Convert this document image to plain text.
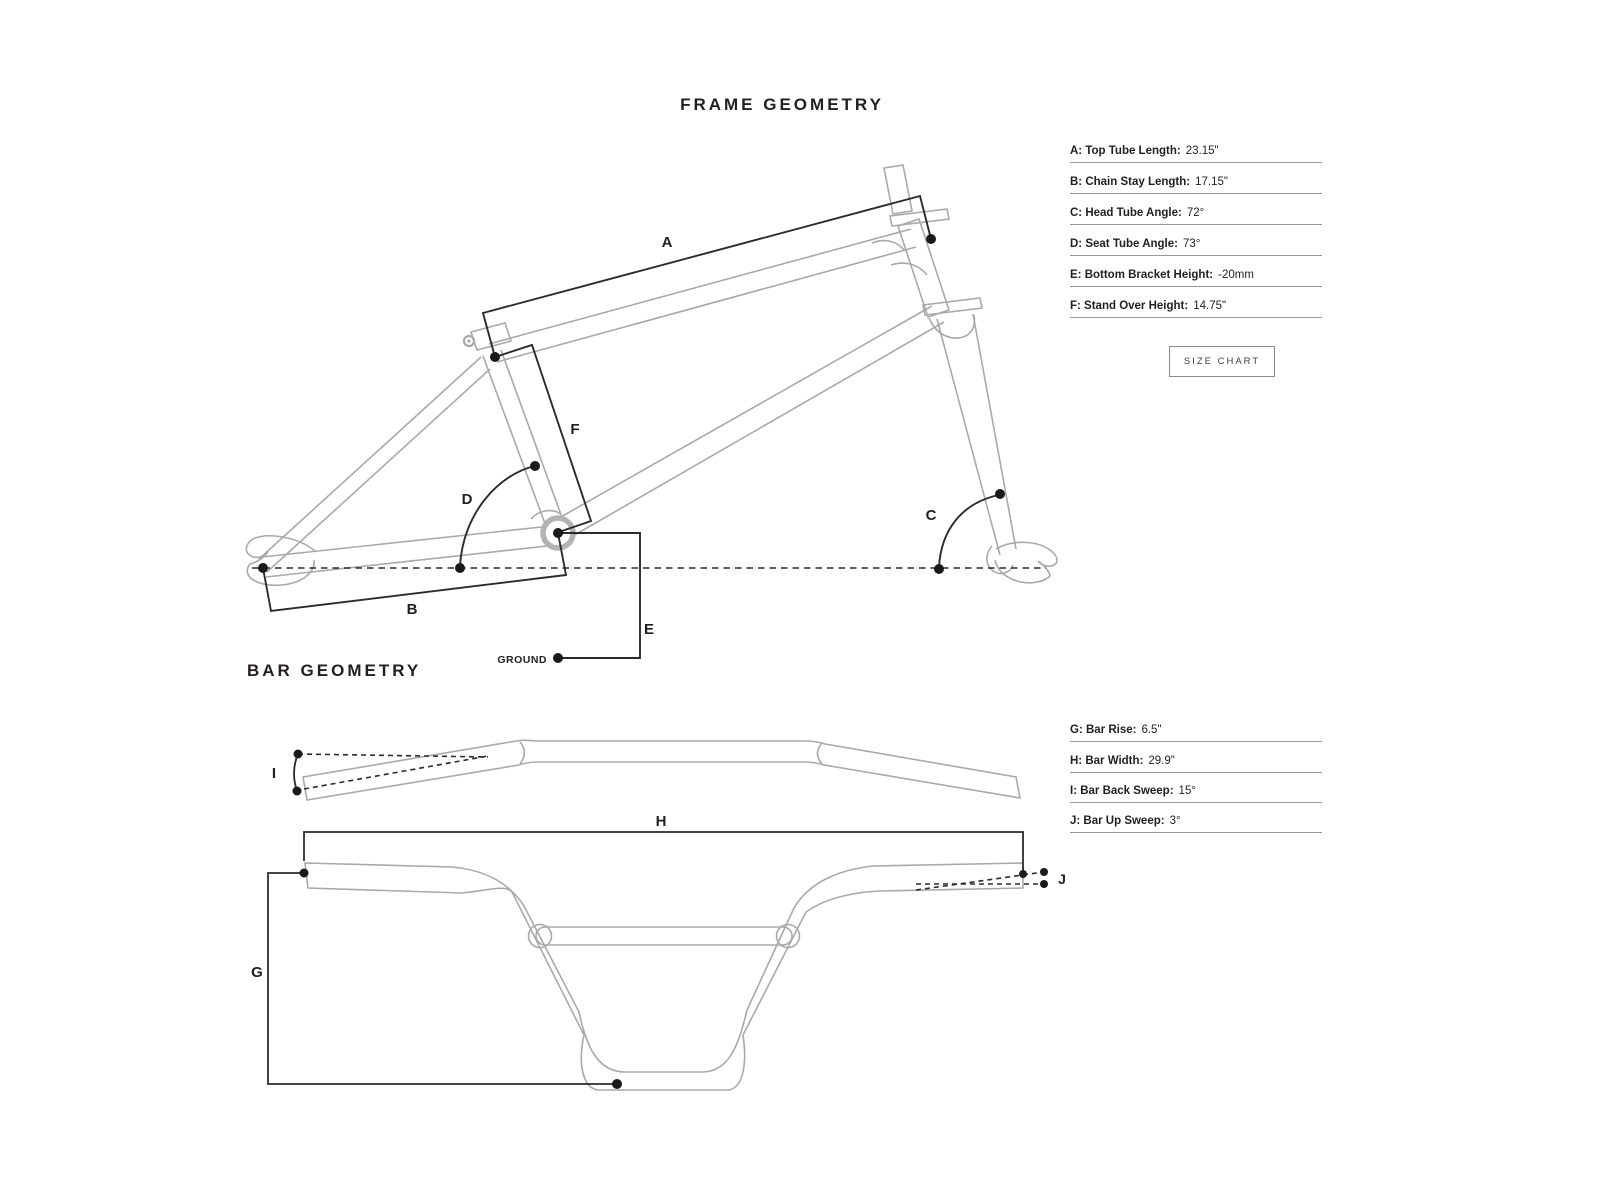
FRAME GEOMETRY
BAR GEOMETRY
A: Top Tube Length: 23.15"
B: Chain Stay Length: 17.15"
C: Head Tube Angle: 72°
D: Seat Tube Angle: 73°
E: Bottom Bracket Height: -20mm
F: Stand Over Height: 14.75"
SIZE CHART
G: Bar Rise: 6.5"
H: Bar Width: 29.9"
I: Bar Back Sweep: 15°
J: Bar Up Sweep: 3°
A
B
C
D
E
F
GROUND
I
H
G
J
